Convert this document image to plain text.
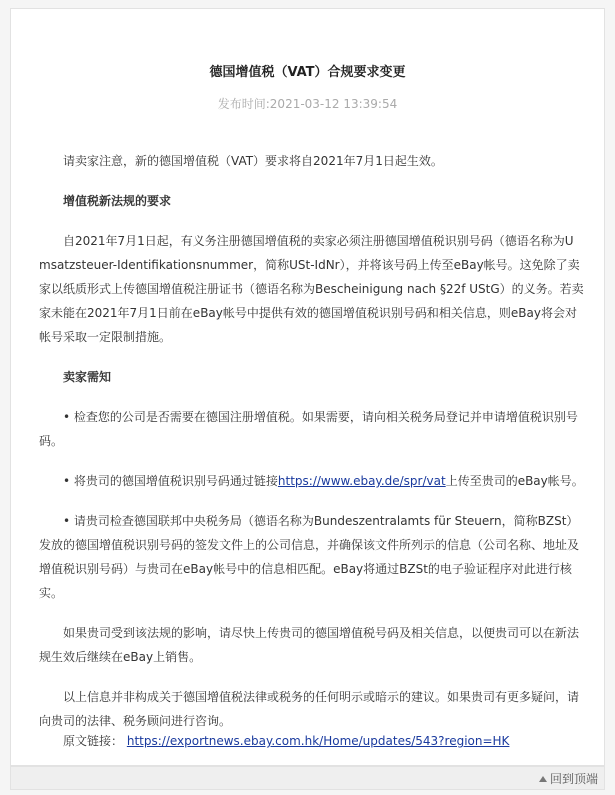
德国增值税（VAT）合规要求变更
发布时间:2021-03-12 13:39:54

请卖家注意，新的德国增值税（VAT）要求将自2021年7月1日起生效。

增值税新法规的要求

自2021年7月1日起，有义务注册德国增值税的卖家必须注册德国增值税识别号码（德语名称为Umsatzsteuer-Identifikationsnummer，简称USt-IdNr），并将该号码上传至eBay帐号。这免除了卖家以纸质形式上传德国增值税注册证书（德语名称为Bescheinigung nach §22f UStG）的义务。若卖家未能在2021年7月1日前在eBay帐号中提供有效的德国增值税识别号码和相关信息，则eBay将会对帐号采取一定限制措施。

卖家需知

• 检查您的公司是否需要在德国注册增值税。如果需要，请向相关税务局登记并申请增值税识别号码。

• 将贵司的德国增值税识别号码通过链接https://www.ebay.de/spr/vat上传至贵司的eBay帐号。

• 请贵司检查德国联邦中央税务局（德语名称为Bundeszentralamts für Steuern，简称BZSt）发放的德国增值税识别号码的签发文件上的公司信息，并确保该文件所列示的信息（公司名称、地址及增值税识别号码）与贵司在eBay帐号中的信息相匹配。eBay将通过BZSt的电子验证程序对此进行核实。

如果贵司受到该法规的影响，请尽快上传贵司的德国增值税号码及相关信息，以便贵司可以在新法规生效后继续在eBay上销售。

以上信息并非构成关于德国增值税法律或税务的任何明示或暗示的建议。如果贵司有更多疑问，请向贵司的法律、税务顾问进行咨询。

原文链接： https://exportnews.ebay.com.hk/Home/updates/543?region=HK

回到顶端
